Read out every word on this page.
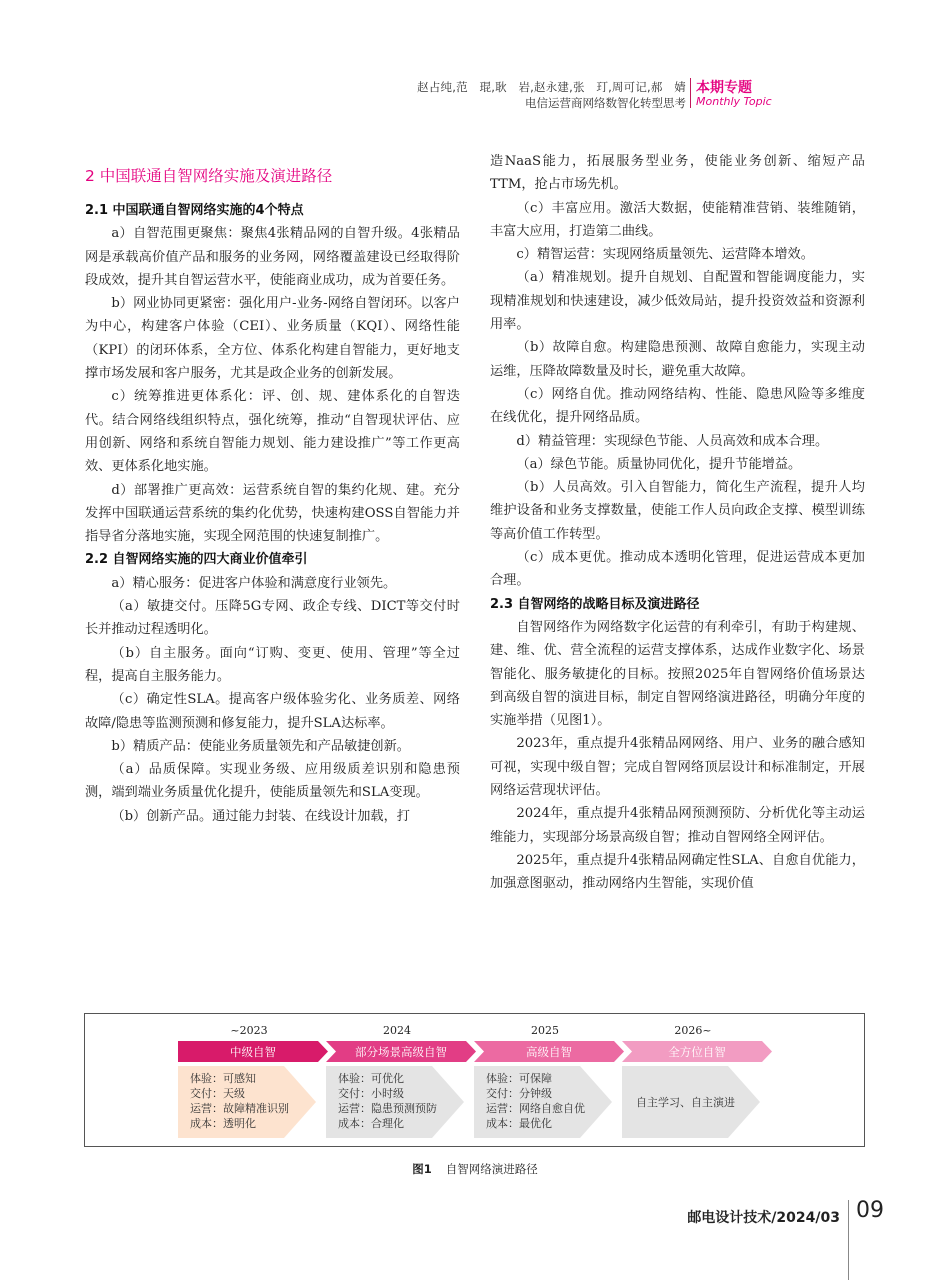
赵占纯,范　琨,耿　岩,赵永建,张　玎,周可记,郝　婧
电信运营商网络数智化转型思考
本期专题
Monthly Topic
2 中国联通自智网络实施及演进路径
2.1 中国联通自智网络实施的4个特点

a）自智范围更聚焦：聚焦4张精品网的自智升级。4张精品网是承载高价值产品和服务的业务网，网络覆盖建设已经取得阶段成效，提升其自智运营水平，使能商业成功，成为首要任务。

b）网业协同更紧密：强化用户-业务-网络自智闭环。以客户为中心，构建客户体验（CEI）、业务质量（KQI）、网络性能（KPI）的闭环体系，全方位、体系化构建自智能力，更好地支撑市场发展和客户服务，尤其是政企业务的创新发展。

c）统筹推进更体系化：评、创、规、建体系化的自智迭代。结合网络线组织特点，强化统筹，推动“自智现状评估、应用创新、网络和系统自智能力规划、能力建设推广”等工作更高效、更体系化地实施。

d）部署推广更高效：运营系统自智的集约化规、建。充分发挥中国联通运营系统的集约化优势，快速构建OSS自智能力并指导省分落地实施，实现全网范围的快速复制推广。

2.2 自智网络实施的四大商业价值牵引

a）精心服务：促进客户体验和满意度行业领先。

（a）敏捷交付。压降5G专网、政企专线、DICT等交付时长并推动过程透明化。

（b）自主服务。面向“订购、变更、使用、管理”等全过程，提高自主服务能力。

（c）确定性SLA。提高客户级体验劣化、业务质差、网络故障/隐患等监测预测和修复能力，提升SLA达标率。

b）精质产品：使能业务质量领先和产品敏捷创新。

（a）品质保障。实现业务级、应用级质差识别和隐患预测，端到端业务质量优化提升，使能质量领先和SLA变现。

（b）创新产品。通过能力封装、在线设计加载，打

造NaaS能力，拓展服务型业务，使能业务创新、缩短产品TTM，抢占市场先机。

（c）丰富应用。激活大数据，使能精准营销、装维随销，丰富大应用，打造第二曲线。

c）精智运营：实现网络质量领先、运营降本增效。

（a）精准规划。提升自规划、自配置和智能调度能力，实现精准规划和快速建设，减少低效局站，提升投资效益和资源利用率。

（b）故障自愈。构建隐患预测、故障自愈能力，实现主动运维，压降故障数量及时长，避免重大故障。

（c）网络自优。推动网络结构、性能、隐患风险等多维度在线优化，提升网络品质。

d）精益管理：实现绿色节能、人员高效和成本合理。

（a）绿色节能。质量协同优化，提升节能增益。

（b）人员高效。引入自智能力，简化生产流程，提升人均维护设备和业务支撑数量，使能工作人员向政企支撑、模型训练等高价值工作转型。

（c）成本更优。推动成本透明化管理，促进运营成本更加合理。

2.3 自智网络的战略目标及演进路径

自智网络作为网络数字化运营的有利牵引，有助于构建规、建、维、优、营全流程的运营支撑体系，达成作业数字化、场景智能化、服务敏捷化的目标。按照2025年自智网络价值场景达到高级自智的演进目标，制定自智网络演进路径，明确分年度的实施举措（见图1）。

2023年，重点提升4张精品网网络、用户、业务的融合感知可视，实现中级自智；完成自智网络顶层设计和标准制定，开展网络运营现状评估。

2024年，重点提升4张精品网预测预防、分析优化等主动运维能力，实现部分场景高级自智；推动自智网络全网评估。

2025年，重点提升4张精品网确定性SLA、自愈自优能力，加强意图驱动，推动网络内生智能，实现价值

~2023
中级自智
体验：可感知
交付：天级
运营：故障精准识别
成本：透明化
2024
部分场景高级自智
体验：可优化
交付：小时级
运营：隐患预测预防
成本：合理化
2025
高级自智
体验：可保障
交付：分钟级
运营：网络自愈自优
成本：最优化
2026~
全方位自智
自主学习、自主演进
图1 自智网络演进路径
邮电设计技术/2024/03 09
